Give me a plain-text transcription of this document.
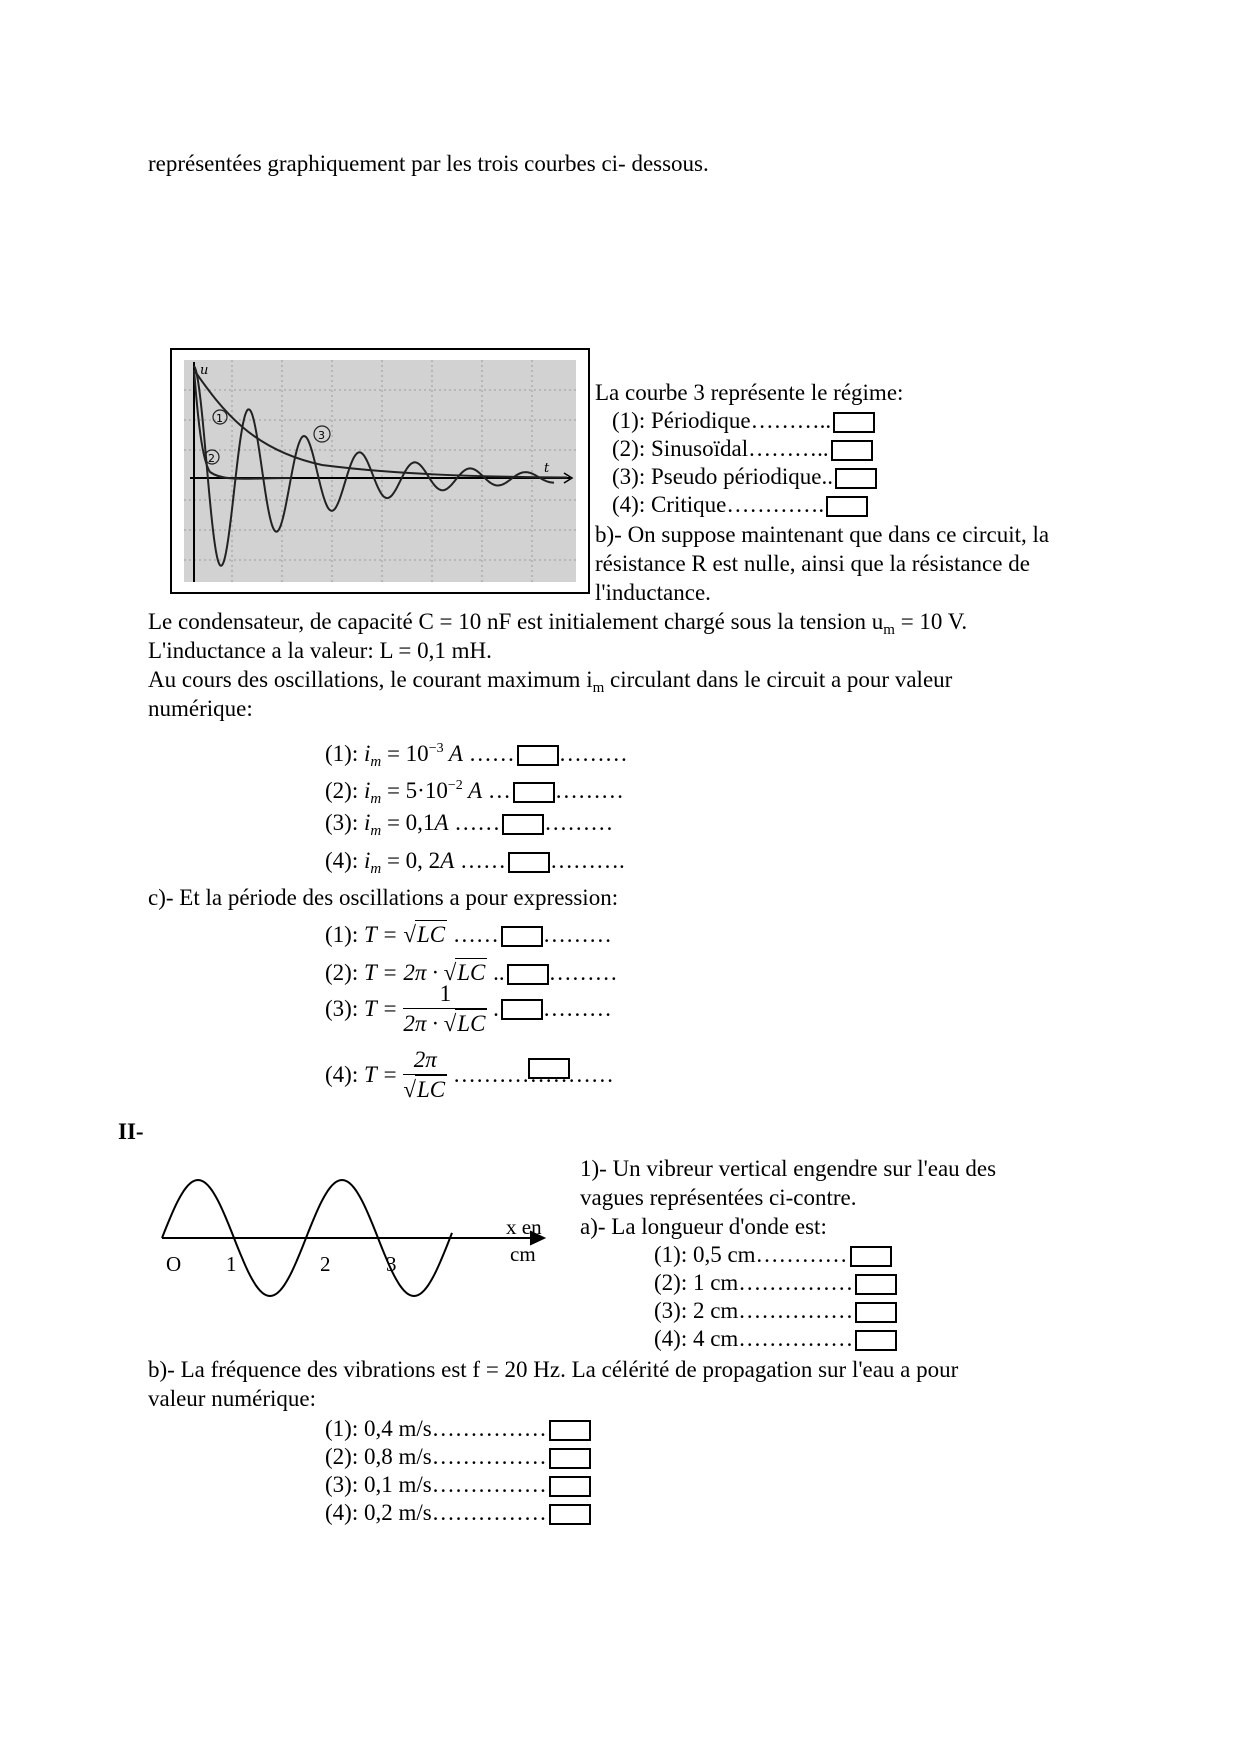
représentées graphiquement par les trois courbes ci- dessous.
u
t
1
2
3
La courbe 3 représente le régime:
(1): Périodique………..
(2): Sinusoïdal………..
(3): Pseudo périodique..
(4): Critique………….
b)- On suppose maintenant que dans ce circuit, la résistance R est nulle, ainsi que la résistance de l'inductance.
Le condensateur, de capacité C = 10 nF est initialement chargé sous la tension $u_m = 10$ V.
L'inductance a la valeur: L = 0,1 mH.
Au cours des oscillations, le courant maximum $i_m$ circulant dans le circuit a pour valeur
numérique:
(1): $i_m = 10^{-3}$ A …… ………
(2): $i_m = 5\cdot 10^{-2}$ A … ………
(3): $i_m = 0,1A$ …… ………
(4): $i_m = 0$, 2A …… ……….
c)- Et la période des oscillations a pour expression:
(1): T = √LC …… ………
(2): T = 2π · √LC .. ………
(3): $T = \frac{1}{2\pi \cdot √LC}$ . ………
(4): $T = \frac{2\pi}{√LC}$ …………………
II-
O 1	2	3
x en
cm
1)- Un vibreur vertical engendre sur l'eau des
vagues représentées ci-contre.
a)- La longueur d'onde est:
(1): 0,5 cm…………
(2): 1 cm……………
(3): 2 cm……………
(4): 4 cm……………
b)- La fréquence des vibrations est f = 20 Hz. La célérité de propagation sur l'eau a pour
valeur numérique:
(1): 0,4 m/s……………
(2): 0,8 m/s……………
(3): 0,1 m/s……………
(4): 0,2 m/s……………
